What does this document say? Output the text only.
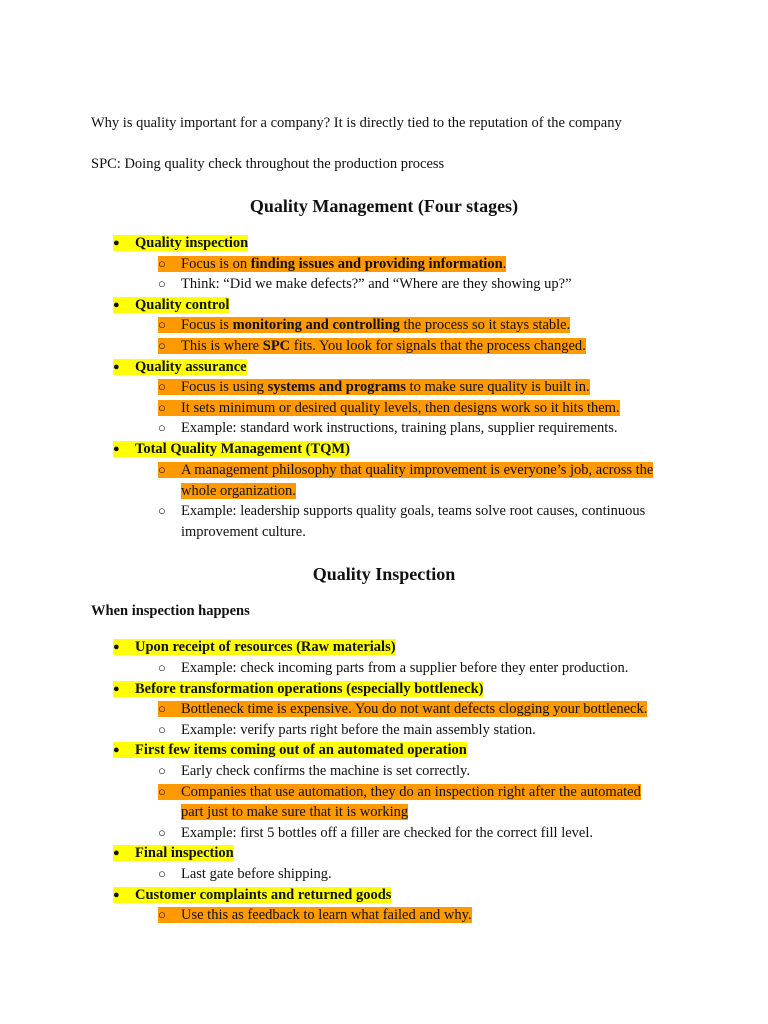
Why is quality important for a company? It is directly tied to the reputation of the company
SPC: Doing quality check throughout the production process
Quality Management (Four stages)
● Quality inspection
○ Focus is on finding issues and providing information.
○ Think: “Did we make defects?” and “Where are they showing up?”
● Quality control
○ Focus is monitoring and controlling the process so it stays stable.
○ This is where SPC fits. You look for signals that the process changed.
● Quality assurance
○ Focus is using systems and programs to make sure quality is built in.
○ It sets minimum or desired quality levels, then designs work so it hits them.
○ Example: standard work instructions, training plans, supplier requirements.
● Total Quality Management (TQM)
○ A management philosophy that quality improvement is everyone’s job, across the
whole organization.
○ Example: leadership supports quality goals, teams solve root causes, continuous
improvement culture.
Quality Inspection
When inspection happens
● Upon receipt of resources (Raw materials)
○ Example: check incoming parts from a supplier before they enter production.
● Before transformation operations (especially bottleneck)
○ Bottleneck time is expensive. You do not want defects clogging your bottleneck.
○ Example: verify parts right before the main assembly station.
● First few items coming out of an automated operation
○ Early check confirms the machine is set correctly.
○ Companies that use automation, they do an inspection right after the automated
part just to make sure that it is working
○ Example: first 5 bottles off a filler are checked for the correct fill level.
● Final inspection
○ Last gate before shipping.
● Customer complaints and returned goods
○ Use this as feedback to learn what failed and why.
